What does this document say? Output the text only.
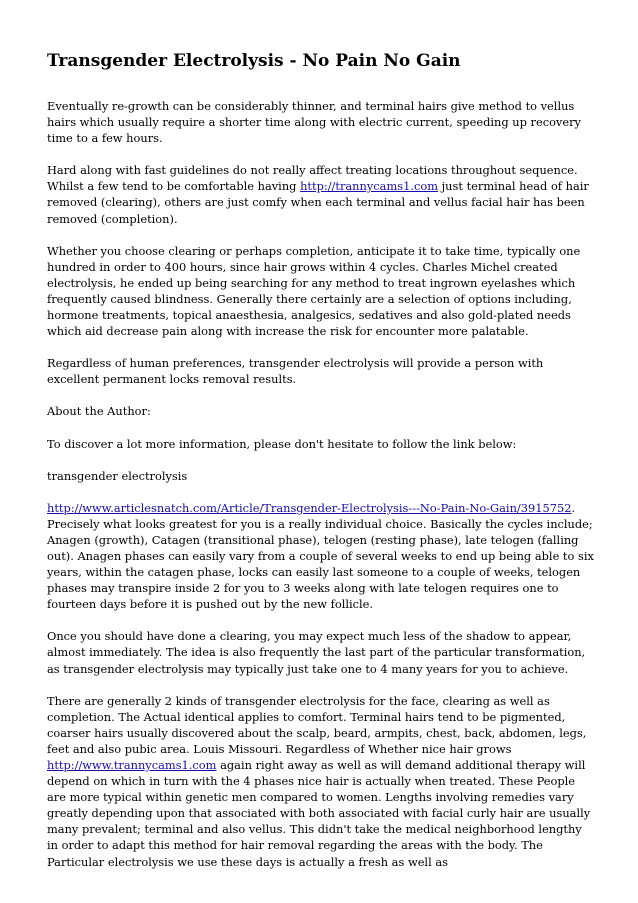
Transgender Electrolysis - No Pain No Gain

Eventually re-growth can be considerably thinner, and terminal hairs give method to vellus hairs which usually require a shorter time along with electric current, speeding up recovery time to a few hours.

Hard along with fast guidelines do not really affect treating locations throughout sequence. Whilst a few tend to be comfortable having http://trannycams1.com just terminal head of hair removed (clearing), others are just comfy when each terminal and vellus facial hair has been removed (completion).

Whether you choose clearing or perhaps completion, anticipate it to take time, typically one hundred in order to 400 hours, since hair grows within 4 cycles. Charles Michel created electrolysis, he ended up being searching for any method to treat ingrown eyelashes which frequently caused blindness. Generally there certainly are a selection of options including, hormone treatments, topical anaesthesia, analgesics, sedatives and also gold-plated needs which aid decrease pain along with increase the risk for encounter more palatable.

Regardless of human preferences, transgender electrolysis will provide a person with excellent permanent locks removal results.

About the Author:

To discover a lot more information, please don't hesitate to follow the link below:

transgender electrolysis

http://www.articlesnatch.com/Article/Transgender-Electrolysis---No-Pain-No-Gain/3915752. Precisely what looks greatest for you is a really individual choice. Basically the cycles include; Anagen (growth), Catagen (transitional phase), telogen (resting phase), late telogen (falling out). Anagen phases can easily vary from a couple of several weeks to end up being able to six years, within the catagen phase, locks can easily last someone to a couple of weeks, telogen phases may transpire inside 2 for you to 3 weeks along with late telogen requires one to fourteen days before it is pushed out by the new follicle.

Once you should have done a clearing, you may expect much less of the shadow to appear, almost immediately. The idea is also frequently the last part of the particular transformation, as transgender electrolysis may typically just take one to 4 many years for you to achieve.

There are generally 2 kinds of transgender electrolysis for the face, clearing as well as completion. The Actual identical applies to comfort. Terminal hairs tend to be pigmented, coarser hairs usually discovered about the scalp, beard, armpits, chest, back, abdomen, legs, feet and also pubic area. Louis Missouri. Regardless of Whether nice hair grows http://www.trannycams1.com again right away as well as will demand additional therapy will depend on which in turn with the 4 phases nice hair is actually when treated. These People are more typical within genetic men compared to women. Lengths involving remedies vary greatly depending upon that associated with both associated with facial curly hair are usually many prevalent; terminal and also vellus. This didn't take the medical neighborhood lengthy in order to adapt this method for hair removal regarding the areas with the body. The Particular electrolysis we use these days is actually a fresh as well as
